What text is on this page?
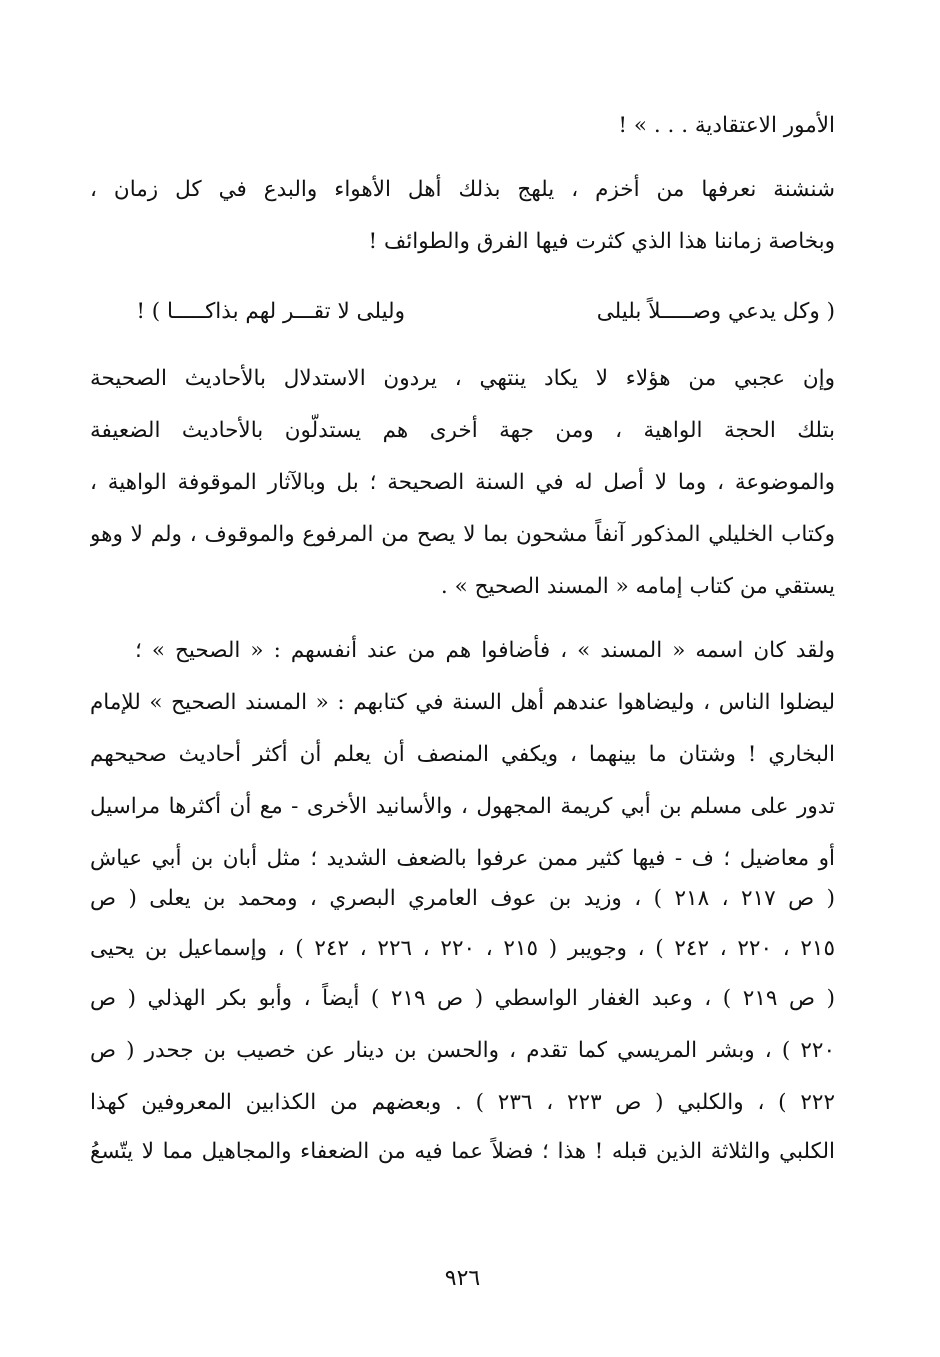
الأمور الاعتقادية . . . » !
شنشنة نعرفها من أخزم ، يلهج بذلك أهل الأهواء والبدع في كل زمان ،
وبخاصة زماننا هذا الذي كثرت فيها الفرق والطوائف !
( وكل يدعي وصـــــلاً بليلى
وليلى لا تقـــر لهم بذاكـــــا ) !
وإن عجبي من هؤلاء لا يكاد ينتهي ، يردون الاستدلال بالأحاديث الصحيحة
بتلك الحجة الواهية ، ومن جهة أخرى هم يستدلّون بالأحاديث الضعيفة
والموضوعة ، وما لا أصل له في السنة الصحيحة ؛ بل وبالآثار الموقوفة الواهية ،
وكتاب الخليلي المذكور آنفاً مشحون بما لا يصح من المرفوع والموقوف ، ولم لا وهو
يستقي من كتاب إمامه « المسند الصحيح » .
ولقد كان اسمه « المسند » ، فأضافوا هم من عند أنفسهم : « الصحيح » ؛
ليضلوا الناس ، وليضاهوا عندهم أهل السنة في كتابهم : « المسند الصحيح » للإمام
البخاري ! وشتان ما بينهما ، ويكفي المنصف أن يعلم أن أكثر أحاديث صحيحهم
تدور على مسلم بن أبي كريمة المجهول ، والأسانيد الأخرى - مع أن أكثرها مراسيل
أو معاضيل ؛ ف - فيها كثير ممن عرفوا بالضعف الشديد ؛ مثل أبان بن أبي عياش
( ص ٢١٧ ، ٢١٨ ) ، وزيد بن عوف العامري البصري ، ومحمد بن يعلى ( ص
٢١٥ ، ٢٢٠ ، ٢٤٢ ) ، وجويبر ( ٢١٥ ، ٢٢٠ ، ٢٢٦ ، ٢٤٢ ) ، وإسماعيل بن يحيى
( ص ٢١٩ ) ، وعبد الغفار الواسطي ( ص ٢١٩ ) أيضاً ، وأبو بكر الهذلي ( ص
٢٢٠ ) ، وبشر المريسي كما تقدم ، والحسن بن دينار عن خصيب بن جحدر ( ص
٢٢٢ ) ، والكلبي ( ص ٢٢٣ ، ٢٣٦ ) . وبعضهم من الكذابين المعروفين كهذا
الكلبي والثلاثة الذين قبله ! هذا ؛ فضلاً عما فيه من الضعفاء والمجاهيل مما لا يتّسعُ
٩٢٦
